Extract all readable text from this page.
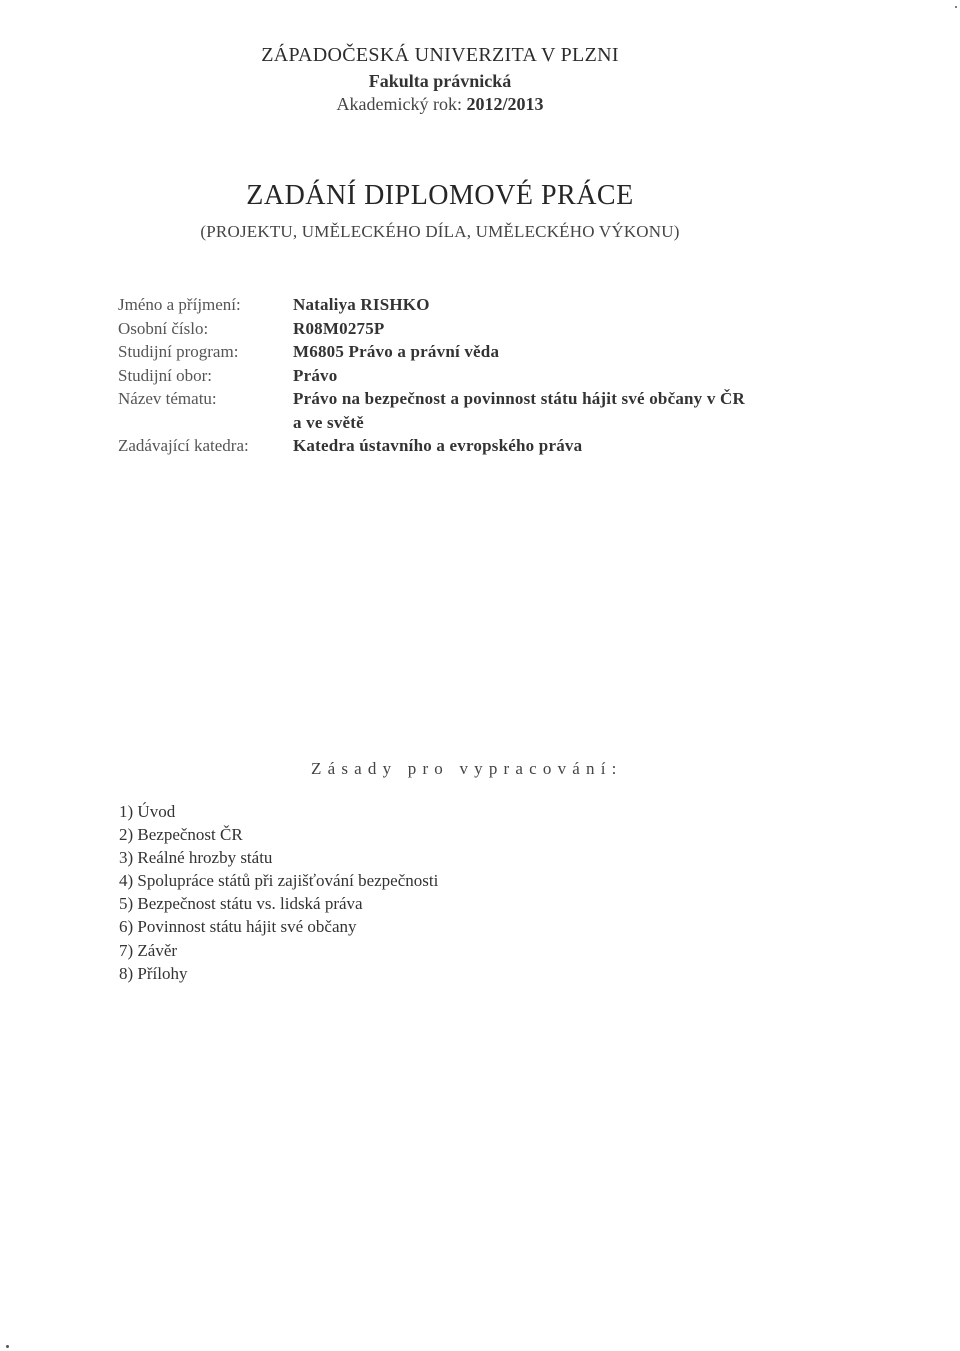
ZÁPADOČESKÁ UNIVERZITA V PLZNI
Fakulta právnická
Akademický rok: 2012/2013
ZADÁNÍ DIPLOMOVÉ PRÁCE
(PROJEKTU, UMĚLECKÉHO DÍLA, UMĚLECKÉHO VÝKONU)
Jméno a příjmení:	Nataliya RISHKO
Osobní číslo:	R08M0275P
Studijní program:	M6805 Právo a právní věda
Studijní obor:	Právo
Název tématu:	Právo na bezpečnost a povinnost státu hájit své občany v ČR
a ve světě
Zadávající katedra:	Katedra ústavního a evropského práva
Zásady pro vypracování:
1) Úvod
2) Bezpečnost ČR
3) Reálné hrozby státu
4) Spolupráce států při zajišťování bezpečnosti
5) Bezpečnost státu vs. lidská práva
6) Povinnost státu hájit své občany
7) Závěr
8) Přílohy
